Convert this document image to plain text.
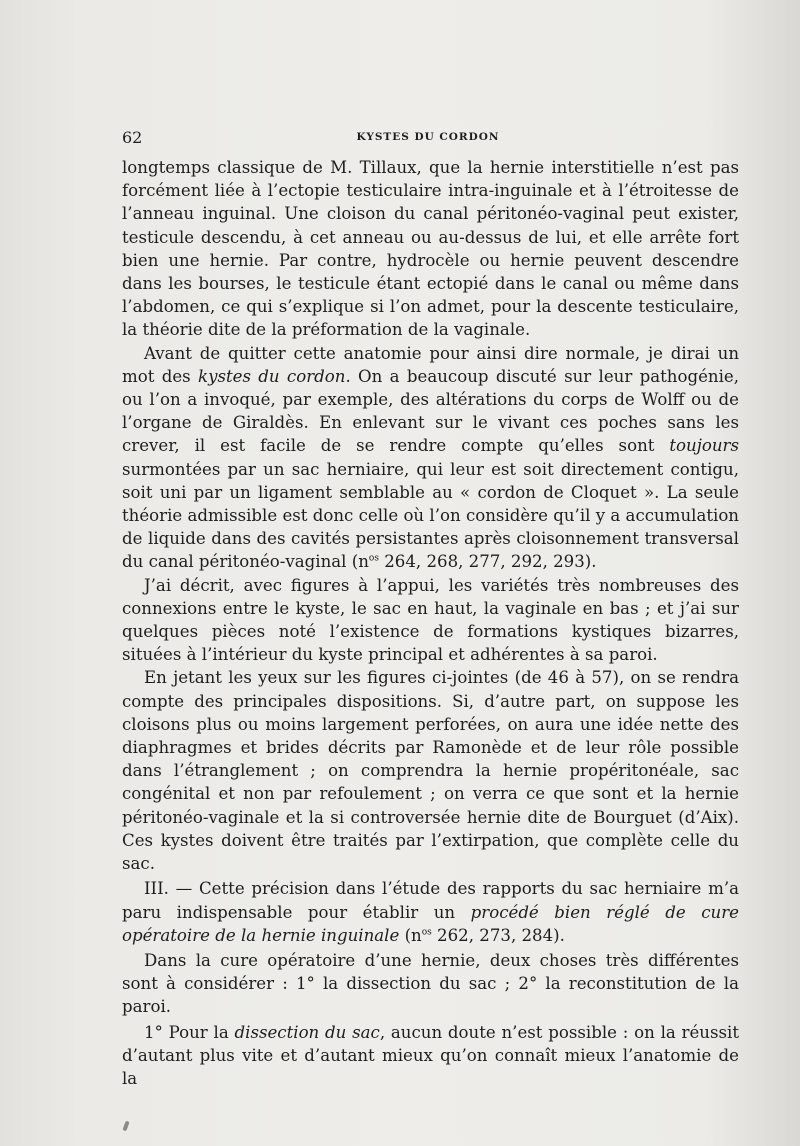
62	KYSTES DU CORDON

longtemps classique de M. Tillaux, que la hernie interstitielle n’est pas forcément liée à l’ectopie testiculaire intra-inguinale et à l’étroitesse de l’anneau inguinal. Une cloison du canal péritonéo-vaginal peut exister, testicule descendu, à cet anneau ou au-dessus de lui, et elle arrête fort bien une hernie. Par contre, hydrocèle ou hernie peuvent descendre dans les bourses, le testicule étant ectopié dans le canal ou même dans l’abdomen, ce qui s’explique si l’on admet, pour la descente testiculaire, la théorie dite de la préformation de la vaginale.

Avant de quitter cette anatomie pour ainsi dire normale, je dirai un mot des kystes du cordon. On a beaucoup discuté sur leur pathogénie, ou l’on a invoqué, par exemple, des altérations du corps de Wolff ou de l’organe de Giraldès. En enlevant sur le vivant ces poches sans les crever, il est facile de se rendre compte qu’elles sont toujours surmontées par un sac herniaire, qui leur est soit directement contigu, soit uni par un ligament semblable au « cordon de Cloquet ». La seule théorie admissible est donc celle où l’on considère qu’il y a accumulation de liquide dans des cavités persistantes après cloisonnement transversal du canal péritonéo-vaginal ($n^{os}$ 264, 268, 277, 292, 293).

J’ai décrit, avec figures à l’appui, les variétés très nombreuses des connexions entre le kyste, le sac en haut, la vaginale en bas ; et j’ai sur quelques pièces noté l’existence de formations kystiques bizarres, situées à l’intérieur du kyste principal et adhérentes à sa paroi.

En jetant les yeux sur les figures ci-jointes (de 46 à 57), on se rendra compte des principales dispositions. Si, d’autre part, on suppose les cloisons plus ou moins largement perforées, on aura une idée nette des diaphragmes et brides décrits par Ramonède et de leur rôle possible dans l’étranglement ; on comprendra la hernie propéritonéale, sac congénital et non par refoulement ; on verra ce que sont et la hernie péritonéo-vaginale et la si controversée hernie dite de Bourguet (d’Aix). Ces kystes doivent être traités par l’extirpation, que complète celle du sac.

III. — Cette précision dans l’étude des rapports du sac herniaire m’a paru indispensable pour établir un procédé bien réglé de cure opératoire de la hernie inguinale ($n^{os}$ 262, 273, 284).

Dans la cure opératoire d’une hernie, deux choses très différentes sont à considérer : 1° la dissection du sac ; 2° la reconstitution de la paroi.

1° Pour la dissection du sac, aucun doute n’est possible : on la réussit d’autant plus vite et d’autant mieux qu’on connaît mieux l’anatomie de la
